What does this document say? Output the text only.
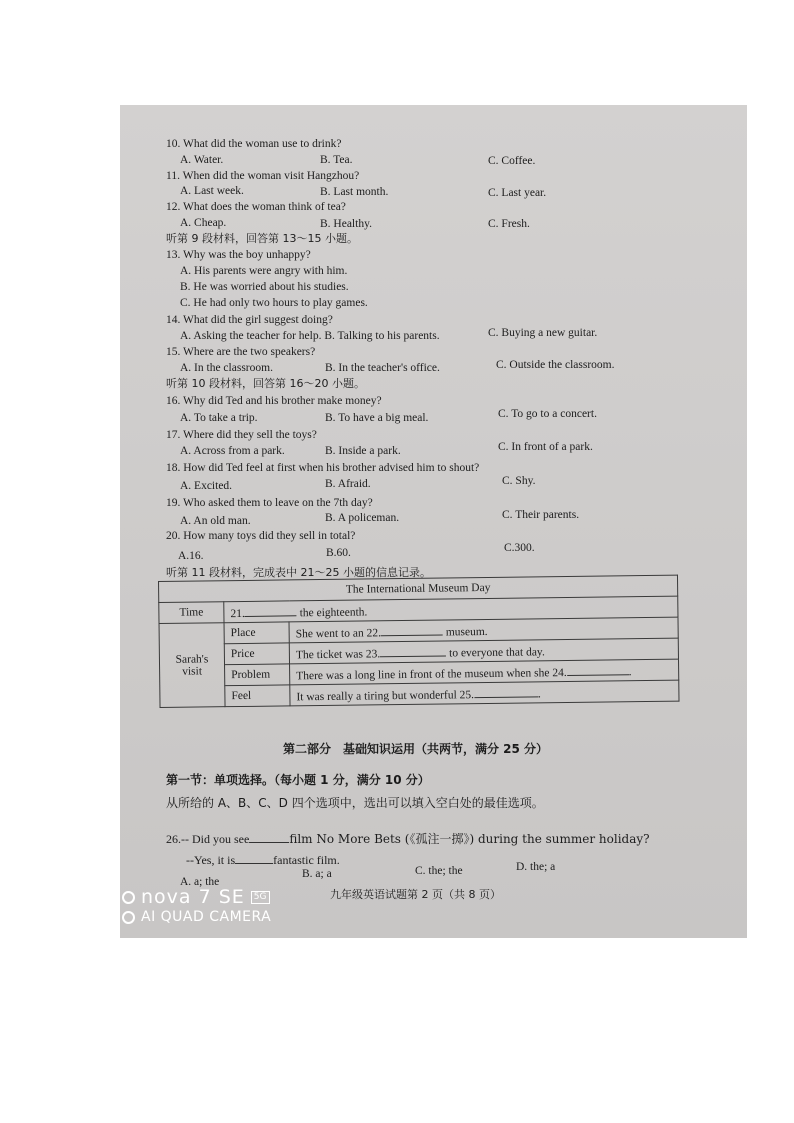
10. What did the woman use to drink?
A. Water.	B. Tea.	C. Coffee.
11. When did the woman visit Hangzhou?
A. Last week.	B. Last month.	C. Last year.
12. What does the woman think of tea?
A. Cheap.	B. Healthy.	C. Fresh.
听第 9 段材料，回答第 13～15 小题。
13. Why was the boy unhappy?
A. His parents were angry with him.
B. He was worried about his studies.
C. He had only two hours to play games.
14. What did the girl suggest doing?
A. Asking the teacher for help. B. Talking to his parents.	C. Buying a new guitar.
15. Where are the two speakers?
A. In the classroom.	B. In the teacher's office.	C. Outside the classroom.
听第 10 段材料，回答第 16～20 小题。
16. Why did Ted and his brother make money?
A. To take a trip.	B. To have a big meal.	C. To go to a concert.
17. Where did they sell the toys?
A. Across from a park.	B. Inside a park.	C. In front of a park.
18. How did Ted feel at first when his brother advised him to shout?
A. Excited.	B. Afraid.	C. Shy.
19. Who asked them to leave on the 7th day?
A. An old man.	B. A policeman.	C. Their parents.
20. How many toys did they sell in total?
A.16.	B.60.	C.300.
听第 11 段材料，完成表中 21～25 小题的信息记录。
The International Museum Day		
Time	21. the eighteenth.	
Sarah's visit	Place	She went to an 22. museum.
	Price	The ticket was 23. to everyone that day.
	Problem	There was a long line in front of the museum when she 24. .
	Feel	It was really a tiring but wonderful 25. .
第二部分　基础知识运用（共两节，满分 25 分）
第一节：单项选择。（每小题 1 分，满分 10 分）
从所给的 A、B、C、D 四个选项中，选出可以填入空白处的最佳选项。
26.-- Did you see	film No More Bets (《孤注一掷》) during the summer holiday?
--Yes, it is	fantastic film.
A. a; the
B. a; a	C. the; the	D. the; a
九年级英语试题第 2 页（共 8 页）
nova 7 SE	5G
AI QUAD CAMERA
